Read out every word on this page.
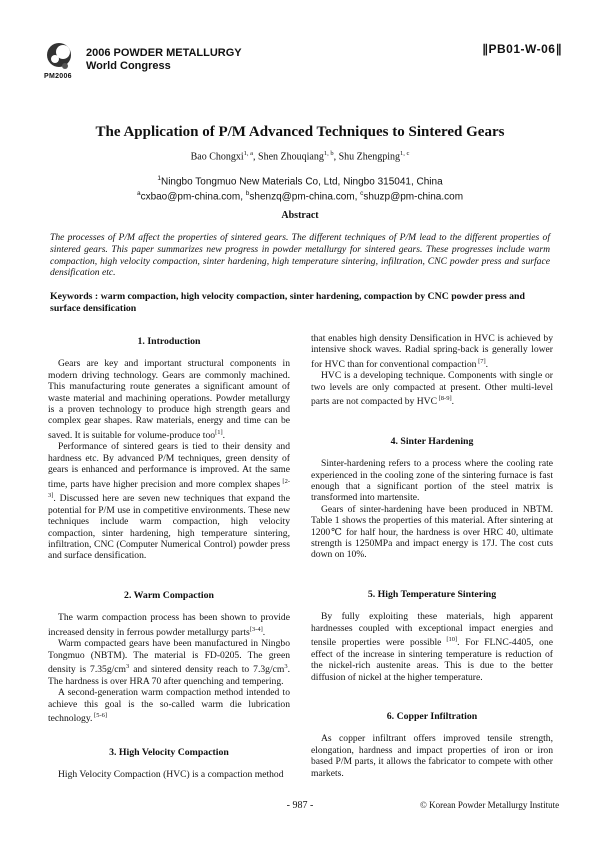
2006 POWDER METALLURGY
World Congress
PM2006
∥PB01-W-06∥
The Application of P/M Advanced Techniques to Sintered Gears
Bao Chongxi$^{1, a}$, Shen Zhouqiang$^{1, b}$, Shu Zhengping$^{1, c}$
$^1$Ningbo Tongmuo New Materials Co, Ltd, Ningbo 315041, China
$^a$cxbao@pm-china.com, $^b$shenzq@pm-china.com, $^c$shuzp@pm-china.com
Abstract
The processes of P/M affect the properties of sintered gears. The different techniques of P/M lead to the different properties of sintered gears. This paper summarizes new progress in powder metallurgy for sintered gears. These progresses include warm compaction, high velocity compaction, sinter hardening, high temperature sintering, infiltration, CNC powder press and surface densification etc.
Keywords : warm compaction, high velocity compaction, sinter hardening, compaction by CNC powder press and surface densification
1. Introduction

Gears are key and important structural components in modern driving technology. Gears are commonly machined. This manufacturing route generates a significant amount of waste material and machining operations. Powder metallurgy is a proven technology to produce high strength gears and complex gear shapes. Raw materials, energy and time can be saved. It is suitable for volume-produce too[1].

Performance of sintered gears is tied to their density and hardness etc. By advanced P/M techniques, green density of gears is enhanced and performance is improved. At the same time, parts have higher precision and more complex shapes [2-3]. Discussed here are seven new techniques that expand the potential for P/M use in competitive environments. These new techniques include warm compaction, high velocity compaction, sinter hardening, high temperature sintering, infiltration, CNC (Computer Numerical Control) powder press and surface densification.

2. Warm Compaction

The warm compaction process has been shown to provide increased density in ferrous powder metallurgy parts[3-4].

Warm compacted gears have been manufactured in Ningbo Tongmuo (NBTM). The material is FD-0205. The green density is $7.35g/cm^3$ and sintered density reach to $7.3g/cm^3$. The hardness is over HRA 70 after quenching and tempering.

A second-generation warm compaction method intended to achieve this goal is the so-called warm die lubrication technology. [5-6]

3. High Velocity Compaction

High Velocity Compaction (HVC) is a compaction method

that enables high density Densification in HVC is achieved by intensive shock waves. Radial spring-back is generally lower for HVC than for conventional compaction [7].

HVC is a developing technique. Components with single or two levels are only compacted at present. Other multi-level parts are not compacted by HVC [8-9].

4. Sinter Hardening

Sinter-hardening refers to a process where the cooling rate experienced in the cooling zone of the sintering furnace is fast enough that a significant portion of the steel matrix is transformed into martensite.

Gears of sinter-hardening have been produced in NBTM. Table 1 shows the properties of this material. After sintering at 1200℃ for half hour, the hardness is over HRC 40, ultimate strength is 1250MPa and impact energy is 17J. The cost cuts down on 10%.

5. High Temperature Sintering

By fully exploiting these materials, high apparent hardnesses coupled with exceptional impact energies and tensile properties were possible [10]. For FLNC-4405, one effect of the increase in sintering temperature is reduction of the nickel-rich austenite areas. This is due to the better diffusion of nickel at the higher temperature.

6. Copper Infiltration

As copper infiltrant offers improved tensile strength, elongation, hardness and impact properties of iron or iron based P/M parts, it allows the fabricator to compete with other markets.

- 987 -	© Korean Powder Metallurgy Institute
